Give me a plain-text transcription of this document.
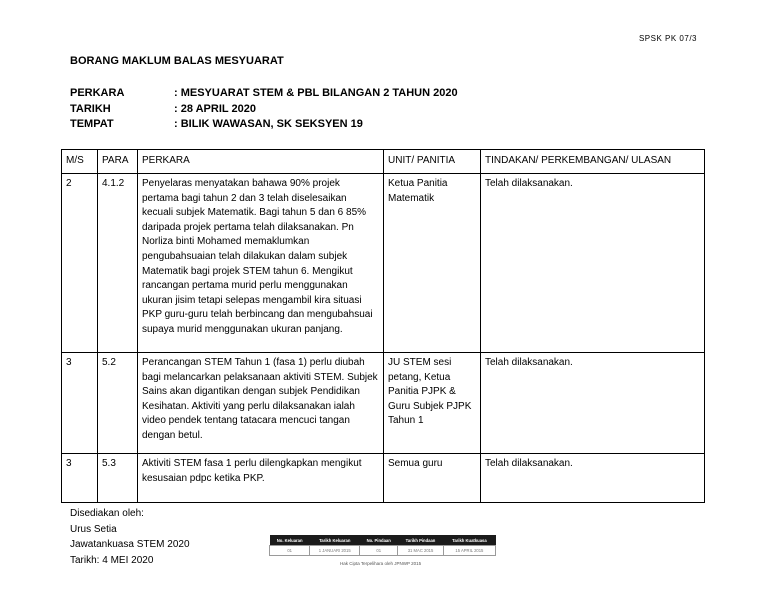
SPSK PK 07/3
BORANG MAKLUM BALAS MESYUARAT
PERKARA	: MESYUARAT STEM & PBL BILANGAN 2 TAHUN 2020
TARIKH	: 28 APRIL 2020
TEMPAT	: BILIK WAWASAN, SK SEKSYEN 19
M/S	PARA	PERKARA	UNIT/ PANITIA	TINDAKAN/ PERKEMBANGAN/ ULASAN
2	4.1.2	Penyelaras menyatakan bahawa 90% projek pertama bagi tahun 2 dan 3 telah diselesaikan kecuali subjek Matematik. Bagi tahun 5 dan 6 85% daripada projek pertama telah dilaksanakan. Pn Norliza binti Mohamed memaklumkan pengubahsuaian telah dilakukan dalam subjek Matematik bagi projek STEM tahun 6. Mengikut rancangan pertama murid perlu menggunakan ukuran jisim tetapi selepas mengambil kira situasi PKP guru-guru telah berbincang dan mengubahsuai supaya murid menggunakan ukuran panjang.	Ketua Panitia Matematik	Telah dilaksanakan.
3	5.2	Perancangan STEM Tahun 1 (fasa 1) perlu diubah bagi melancarkan pelaksanaan aktiviti STEM. Subjek Sains akan digantikan dengan subjek Pendidikan Kesihatan. Aktiviti yang perlu dilaksanakan ialah video pendek tentang tatacara mencuci tangan dengan betul.	JU STEM sesi petang, Ketua Panitia PJPK & Guru Subjek PJPK Tahun 1	Telah dilaksanakan.
3	5.3	Aktiviti STEM fasa 1 perlu dilengkapkan mengikut kesusaian pdpc ketika PKP.	Semua guru	Telah dilaksanakan.
Disediakan oleh:
Urus Setia
Jawatankuasa STEM 2020
Tarikh: 4 MEI 2020
No. Keluaran	Tarikh Keluaran	No. Pindaan	Tarikh Pindaan	Tarikh Kuatkuasa
01	1 JANUARI 2015	01	31 MAC 2015	15 APRIL 2015
Hak Cipta Terpelihara oleh JPNWP 2015
